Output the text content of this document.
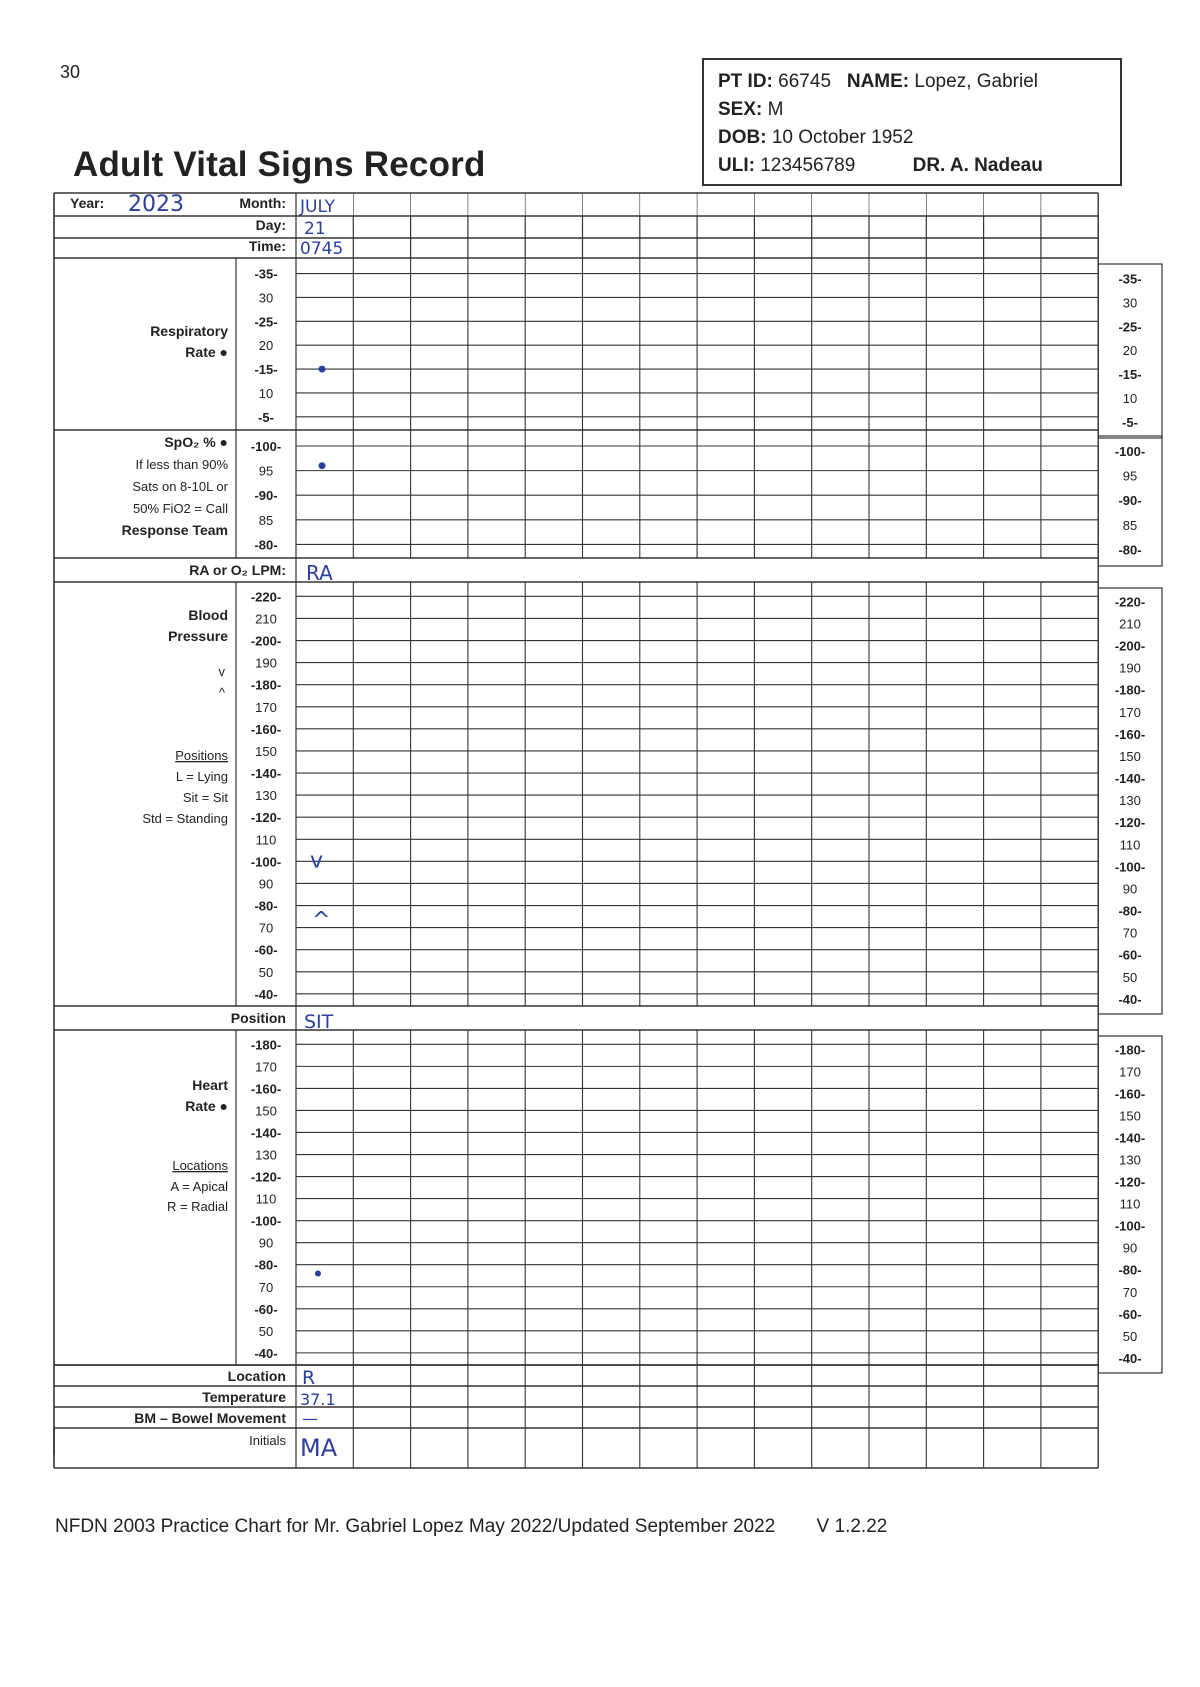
30
Adult Vital Signs Record
PT ID: 66745 NAME: Lopez, Gabriel
SEX: M
DOB: 10 October 1952
ULI: 123456789	DR. A. Nadeau
Year: 2023	Month: JULY
Day: 21
Time: 0745
-35-	-35-
30	30
-25-	-25-
20	20
-15-	-15-
10	10
-5-	-5-
Respiratory
Rate ●
-100-	-100-
95	95
-90-	-90-
85	85
-80-	-80-
SpO₂ % ●
If less than 90%
Sats on 8-10L or
50% FiO2 = Call
Response Team
RA or O₂ LPM: RA
-220-	-220-
210	210
-200-	-200-
190	190
-180-	-180-
170	170
-160-	-160-
150	150
-140-	-140-
130	130
-120-	-120-
110	110
-100-	-100-
90	90
-80-	-80-
70	70
-60-	-60-
50	50
-40-	-40-
Blood
Pressure
v
^
Positions
L = Lying
Sit = Sit
Std = Standing
v
^
Position SIT
-180-	-180-
170	170
-160-	-160-
150	150
-140-	-140-
130	130
-120-	-120-
110	110
-100-	-100-
90	90
-80-	-80-
70	70
-60-	-60-
50	50
-40-	-40-
Heart
Rate ●
Locations
A = Apical
R = Radial
Location R
Temperature 37.1
BM – Bowel Movement —
Initials MA
NFDN 2003 Practice Chart for Mr. Gabriel Lopez May 2022/Updated September 2022 V 1.2.22
